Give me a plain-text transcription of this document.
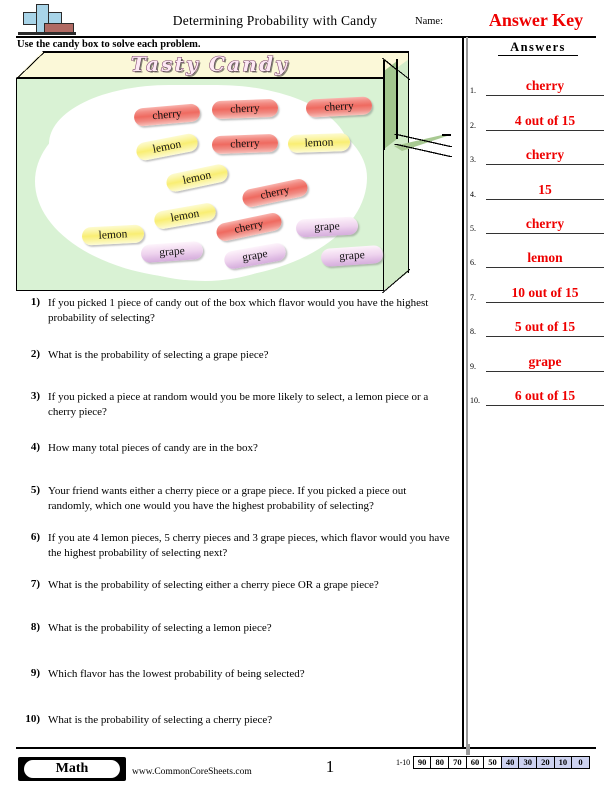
Determining Probability with Candy	Name:	Answer Key
Use the candy box to solve each problem.
cherry	cherry	cherry
lemon	cherry	lemon
lemon
cherry
lemon
cherry	grape
lemon
grape	grape	grape
Tasty Candy
1) If you picked 1 piece of candy out of the box which flavor would you have the highest probability of selecting?
2) What is the probability of selecting a grape piece?
3) If you picked a piece at random would you be more likely to select, a lemon piece or a cherry piece?
4) How many total pieces of candy are in the box?
5) Your friend wants either a cherry piece or a grape piece. If you picked a piece out randomly, which one would you have the highest probability of selecting?
6) If you ate 4 lemon pieces, 5 cherry pieces and 3 grape pieces, which flavor would you have the highest probability of selecting next?
7) What is the probability of selecting either a cherry piece OR a grape piece?
8) What is the probability of selecting a lemon piece?
9) Which flavor has the lowest probability of being selected?
10) What is the probability of selecting a cherry piece?
Answers
1.	cherry
2.	4 out of 15
3.	cherry
4.	15
5.	cherry
6.	lemon
7.	10 out of 15
8.	5 out of 15
9.	grape
10.	6 out of 15
Math	www.CommonCoreSheets.com	1	1-10 90	80	70	60	50	40	30	20	10	0
